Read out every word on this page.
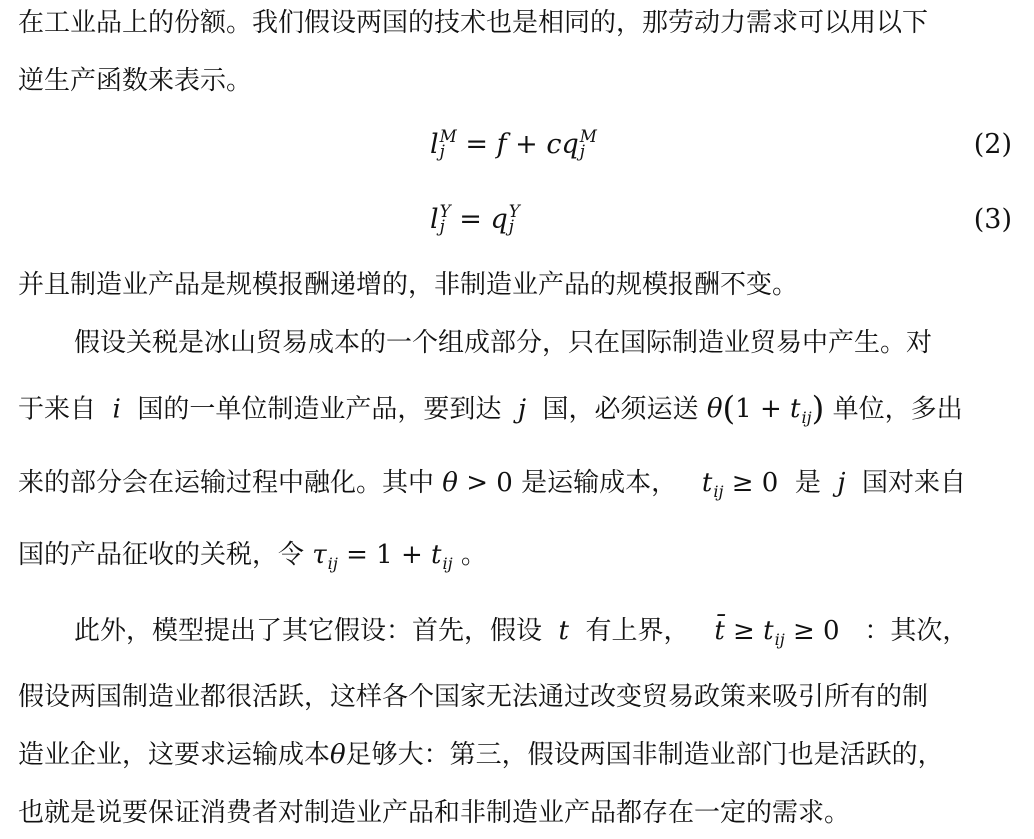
在工业品上的份额。我们假设两国的技术也是相同的，那劳动力需求可以用以下
逆生产函数来表示。
l M
j = f + cq M
j	(2)
l Y
j = q Y
j	(3)
并且制造业产品是规模报酬递增的，非制造业产品的规模报酬不变。
假设关税是冰山贸易成本的一个组成部分，只在国际制造业贸易中产生。对
于来自  i  国的一单位制造业产品，要到达  j  国，必须运送 $\theta(1 + t_{ij})$ 单位，多出
来的部分会在运输过程中融化。其中 θ > 0 是运输成本，   $t_{ij} \ge 0$ 是  j  国对来自
国的产品征收的关税，令 $\tau_{ij} = 1 + t_{ij}$ 。
此外，模型提出了其它假设：首先，假设  t  有上界，   t̄ ≥ $t_{ij} \ge 0$ ：其次，
假设两国制造业都很活跃，这样各个国家无法通过改变贸易政策来吸引所有的制
造业企业，这要求运输成本θ足够大：第三，假设两国非制造业部门也是活跃的，
也就是说要保证消费者对制造业产品和非制造业产品都存在一定的需求。
